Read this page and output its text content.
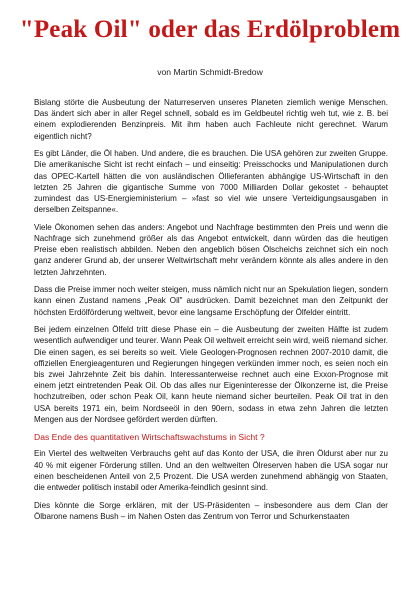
"Peak Oil" oder das Erdölproblem
von Martin Schmidt-Bredow

Bislang störte die Ausbeutung der Naturreserven unseres Planeten ziemlich wenige Menschen. Das ändert sich aber in aller Regel schnell, sobald es im Geldbeutel richtig weh tut, wie z. B. bei einem explodierenden Benzinpreis. Mit ihm haben auch Fachleute nicht gerechnet. Warum eigentlich nicht?

Es gibt Länder, die Öl haben. Und andere, die es brauchen. Die USA gehören zur zweiten Gruppe. Die amerikanische Sicht ist recht einfach – und einseitig: Preisschocks und Manipulationen durch das OPEC-Kartell hätten die von ausländischen Öllieferanten abhängige US-Wirtschaft in den letzten 25 Jahren die gigantische Summe von 7000 Milliarden Dollar gekostet - behauptet zumindest das US-Energieministerium – »fast so viel wie unsere Verteidigungsausgaben in derselben Zeitspanne«.

Viele Ökonomen sehen das anders: Angebot und Nachfrage bestimmten den Preis und wenn die Nachfrage sich zunehmend größer als das Angebot entwickelt, dann würden das die heutigen Preise eben realistisch abbilden. Neben den angeblich bösen Ölscheichs zeichnet sich ein noch ganz anderer Grund ab, der unserer Weltwirtschaft mehr verändern könnte als alles andere in den letzten Jahrzehnten.

Dass die Preise immer noch weiter steigen, muss nämlich nicht nur an Spekulation liegen, sondern kann einen Zustand namens „Peak Oil" ausdrücken. Damit bezeichnet man den Zeitpunkt der höchsten Erdölförderung weltweit, bevor eine langsame Erschöpfung der Ölfelder eintritt.

Bei jedem einzelnen Ölfeld tritt diese Phase ein – die Ausbeutung der zweiten Hälfte ist zudem wesentlich aufwendiger und teurer. Wann Peak Oil weltweit erreicht sein wird, weiß niemand sicher. Die einen sagen, es sei bereits so weit. Viele Geologen-Prognosen rechnen 2007-2010 damit, die offiziellen Energieagenturen und Regierungen hingegen verkünden immer noch, es seien noch ein bis zwei Jahrzehnte Zeit bis dahin. Interessanterweise rechnet auch eine Exxon-Prognose mit einem jetzt eintretenden Peak Oil. Ob das alles nur Eigeninteresse der Ölkonzerne ist, die Preise hochzutreiben, oder schon Peak Oil, kann heute niemand sicher beurteilen. Peak Oil trat in den USA bereits 1971 ein, beim Nordseeöl in den 90ern, sodass in etwa zehn Jahren die letzten Mengen aus der Nordsee gefördert werden dürften.

Das Ende des quantitativen Wirtschaftswachstums in Sicht ?

Ein Viertel des weltweiten Verbrauchs geht auf das Konto der USA, die ihren Öldurst aber nur zu 40 % mit eigener Förderung stillen. Und an den weltweiten Ölreserven haben die USA sogar nur einen bescheidenen Anteil von 2,5 Prozent. Die USA werden zunehmend abhängig von Staaten, die entweder politisch instabil oder Amerika-feindlich gesinnt sind.

Dies könnte die Sorge erklären, mit der US-Präsidenten – insbesondere aus dem Clan der Ölbarone namens Bush – im Nahen Osten das Zentrum von Terror und Schurkenstaaten
